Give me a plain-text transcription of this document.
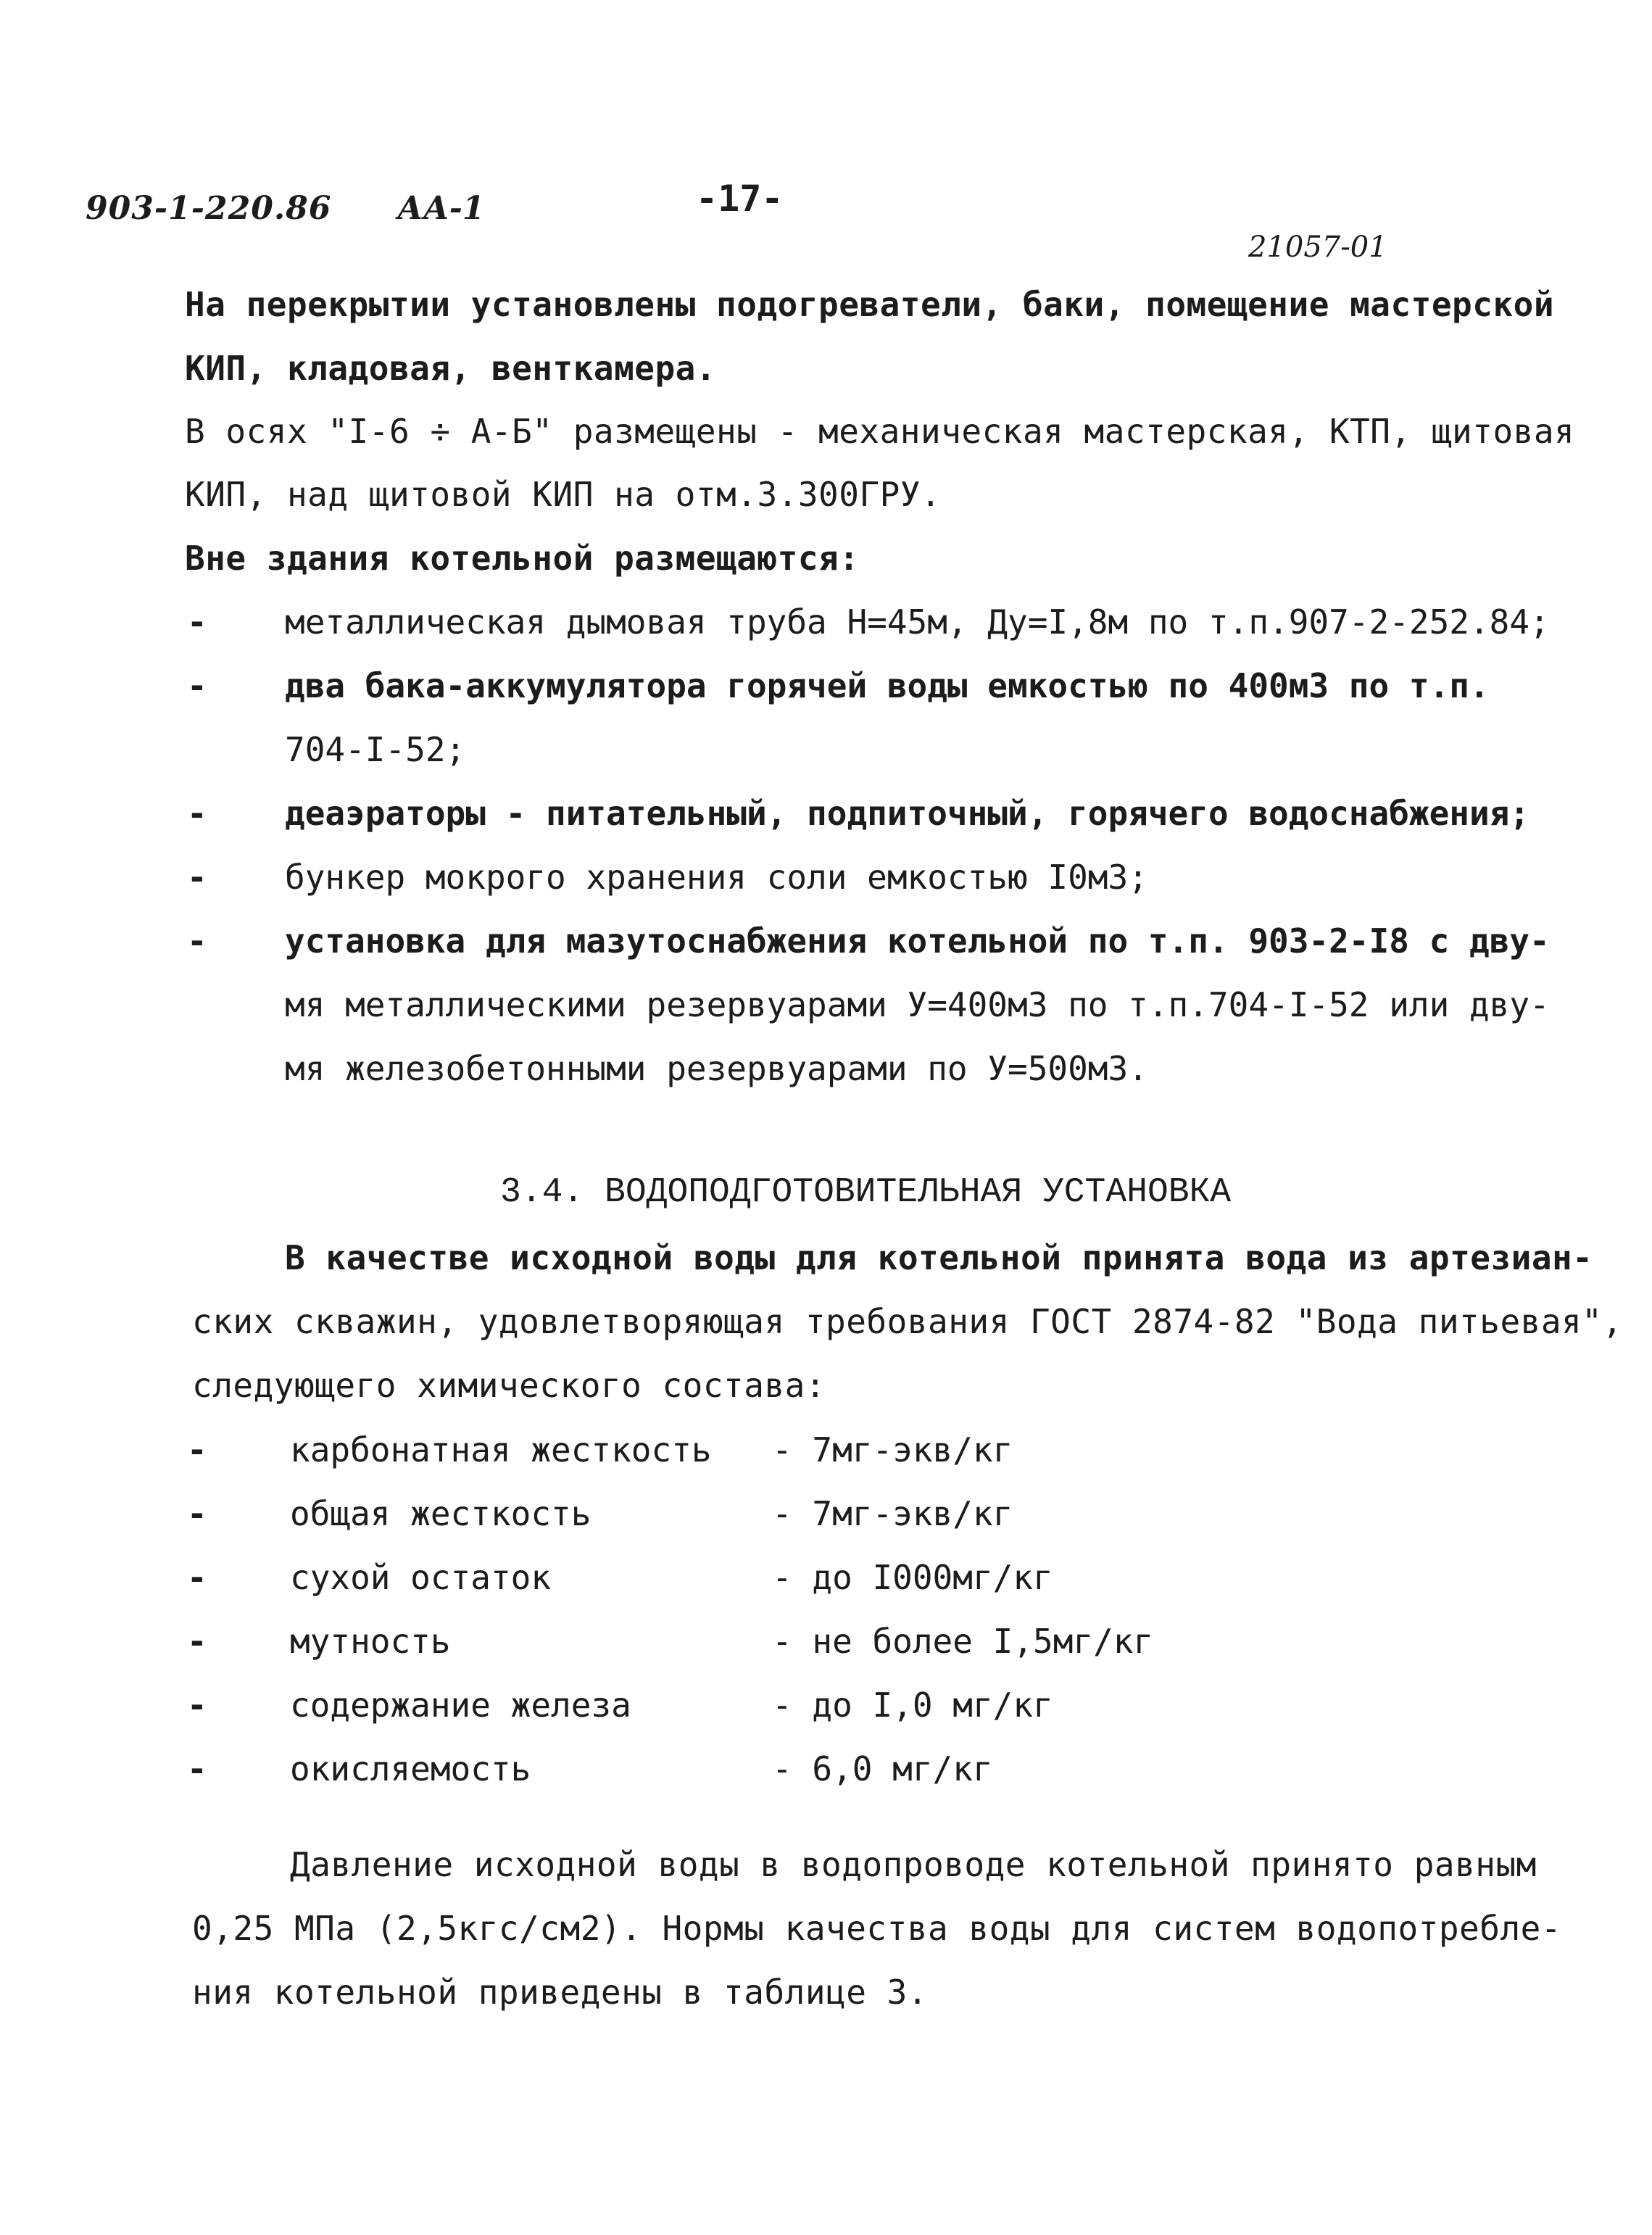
903-1-220.86 АА-1	-17-
21057-01
На перекрытии установлены подогреватели, баки, помещение мастерской
КИП, кладовая, венткамера.
В осях "I-6 ÷ А-Б" размещены - механическая мастерская, КТП, щитовая
КИП, над щитовой КИП на отм.3.300ГРУ.
Вне здания котельной размещаются:
- металлическая дымовая труба Н=45м, Ду=I,8м по т.п.907-2-252.84;
- два бака-аккумулятора горячей воды емкостью по 400м3 по т.п.
704-I-52;
- деаэраторы - питательный, подпиточный, горячего водоснабжения;
- бункер мокрого хранения соли емкостью I0м3;
- установка для мазутоснабжения котельной по т.п. 903-2-I8 с дву-
мя металлическими резервуарами У=400м3 по т.п.704-I-52 или дву-
мя железобетонными резервуарами по У=500м3.
3.4. ВОДОПОДГОТОВИТЕЛЬНАЯ УСТАНОВКА
В качестве исходной воды для котельной принята вода из артезиан-
ских скважин, удовлетворяющая требования ГОСТ 2874-82 "Вода питьевая",
следующего химического состава:
- карбонатная жесткость - 7мг-экв/кг
- общая жесткость	- 7мг-экв/кг
- сухой остаток	- до I000мг/кг
- мутность	- не более I,5мг/кг
- содержание железа	- до I,0 мг/кг
- окисляемость	- 6,0 мг/кг
Давление исходной воды в водопроводе котельной принято равным
0,25 МПа (2,5кгс/см2). Нормы качества воды для систем водопотребле-
ния котельной приведены в таблице 3.
